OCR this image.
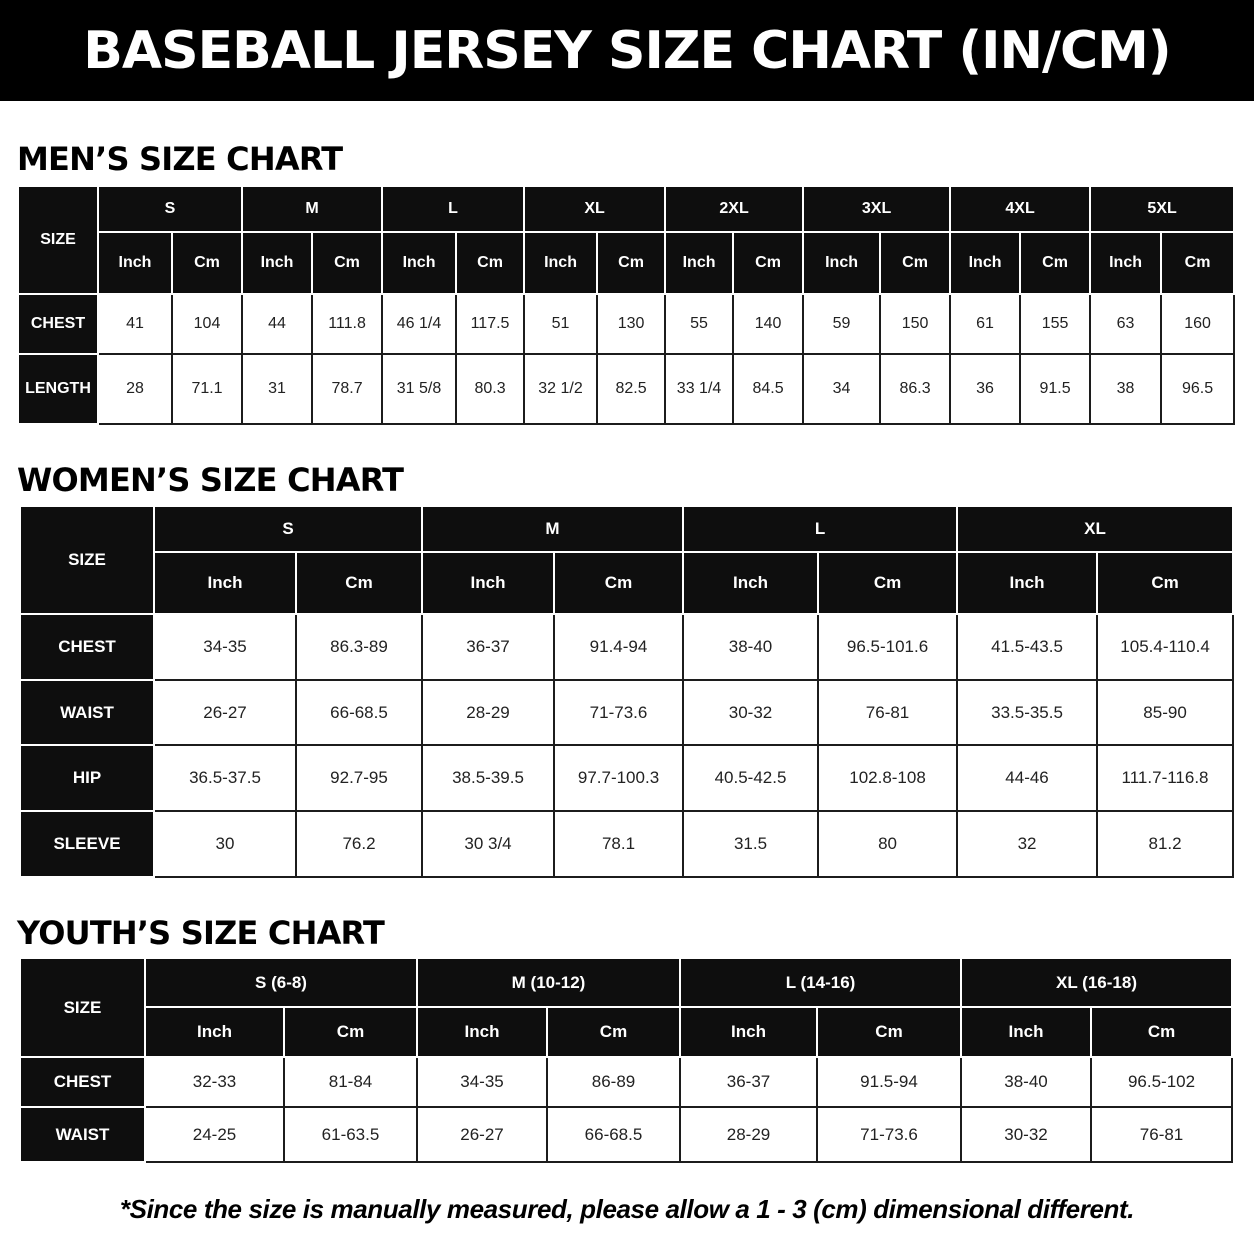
BASEBALL JERSEY SIZE CHART (IN/CM)
MEN’S SIZE CHART
SIZE	S		M		L		XL		2XL		3XL		4XL		5XL	
	Inch	Cm	Inch	Cm	Inch	Cm	Inch	Cm	Inch	Cm	Inch	Cm	Inch	Cm	Inch	Cm
CHEST	41	104	44	111.8	46 1/4	117.5	51	130	55	140	59	150	61	155	63	160
LENGTH	28	71.1	31	78.7	31 5/8	80.3	32 1/2	82.5	33 1/4	84.5	34	86.3	36	91.5	38	96.5
WOMEN’S SIZE CHART
SIZE	S		M		L		XL	
	Inch	Cm	Inch	Cm	Inch	Cm	Inch	Cm
CHEST	34-35	86.3-89	36-37	91.4-94	38-40	96.5-101.6	41.5-43.5	105.4-110.4
WAIST	26-27	66-68.5	28-29	71-73.6	30-32	76-81	33.5-35.5	85-90
HIP	36.5-37.5	92.7-95	38.5-39.5	97.7-100.3	40.5-42.5	102.8-108	44-46	111.7-116.8
SLEEVE	30	76.2	30 3/4	78.1	31.5	80	32	81.2
YOUTH’S SIZE CHART
SIZE	S (6-8)		M (10-12)		L (14-16)		XL (16-18)	
	Inch	Cm	Inch	Cm	Inch	Cm	Inch	Cm
CHEST	32-33	81-84	34-35	86-89	36-37	91.5-94	38-40	96.5-102
WAIST	24-25	61-63.5	26-27	66-68.5	28-29	71-73.6	30-32	76-81
*Since the size is manually measured, please allow a 1 - 3 (cm) dimensional different.
